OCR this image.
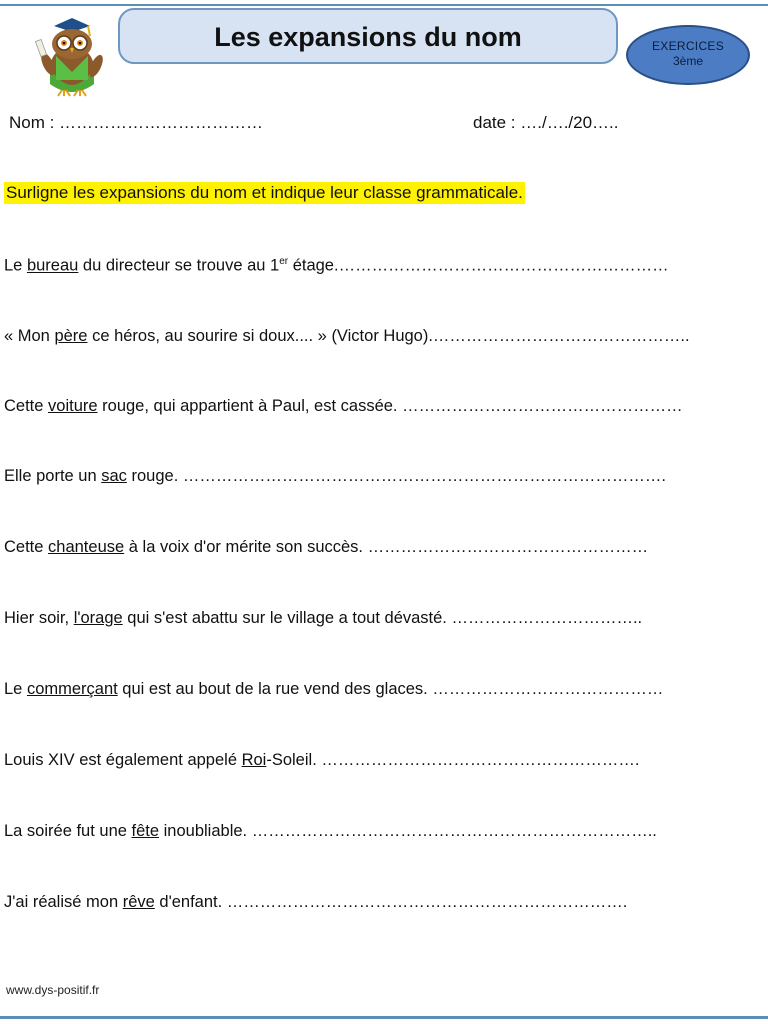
Les expansions du nom	EXERCICES
3ème
Nom : ………………………………	date : …./…./20…..
Surligne les expansions du nom et indique leur classe grammaticale.
Le bureau du directeur se trouve au 1er étage.……………………………………………………
« Mon père ce héros, au sourire si doux.... » (Victor Hugo).………………………………………..
Cette voiture rouge, qui appartient à Paul, est cassée. ……………………………………………
Elle porte un sac rouge. …………………………………………………………………………….
Cette chanteuse à la voix d'or mérite son succès. ……………………………………………
Hier soir, l'orage qui s'est abattu sur le village a tout dévasté. ……………………………..
Le commerçant qui est au bout de la rue vend des glaces. ……………………………………
Louis XIV est également appelé Roi-Soleil. ………………………………………………….
La soirée fut une fête inoubliable. ………………………………………………………………..
J'ai réalisé mon rêve d'enfant. ……………………………………………………………….
www.dys-positif.fr
